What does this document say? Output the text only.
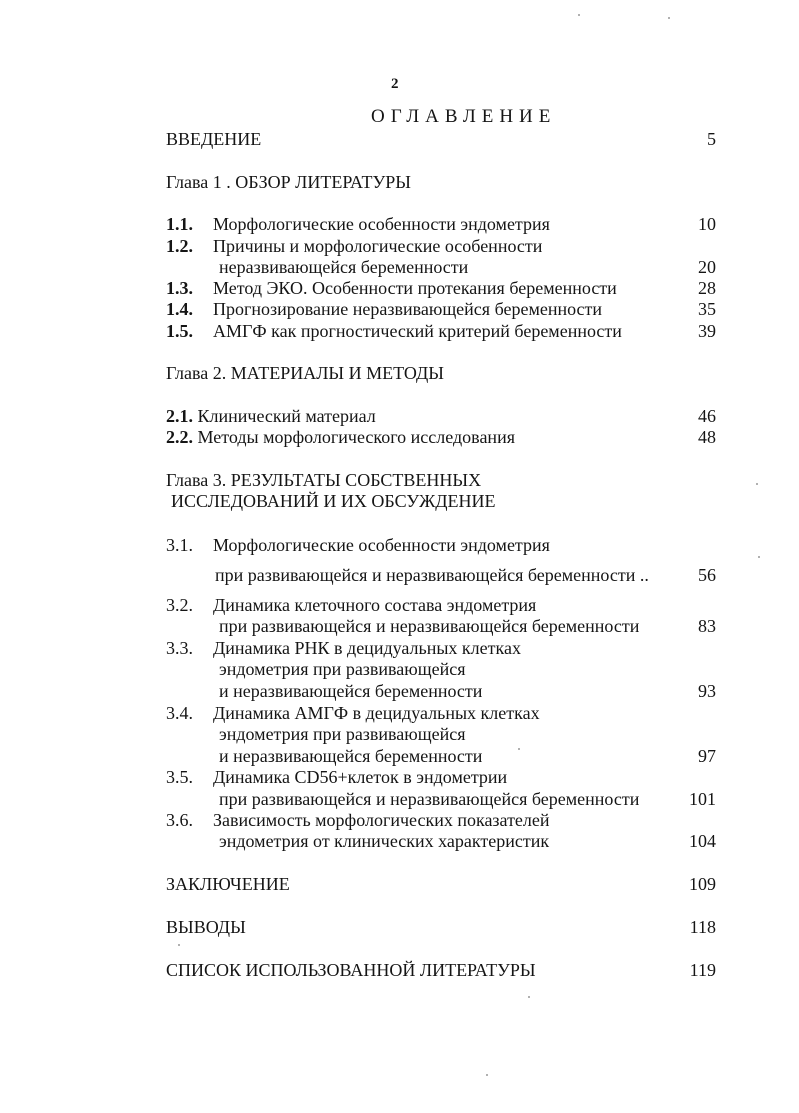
2
ОГЛАВЛЕНИЕ
ВВЕДЕНИЕ	5
Глава 1 . ОБЗОР ЛИТЕРАТУРЫ
1.1. Морфологические особенности эндометрия	10
1.2. Причины и морфологические особенности
неразвивающейся беременности	20
1.3. Метод ЭКО. Особенности протекания беременности	28
1.4. Прогнозирование неразвивающейся беременности	35
1.5. АМГФ как прогностический критерий беременности	39
Глава 2. МАТЕРИАЛЫ И МЕТОДЫ
2.1. Клинический материал	46
2.2. Методы морфологического исследования	48
Глава 3. РЕЗУЛЬТАТЫ СОБСТВЕННЫХ
ИССЛЕДОВАНИЙ И ИХ ОБСУЖДЕНИЕ
3.1. Морфологические особенности эндометрия
при развивающейся и неразвивающейся беременности ..	56
3.2. Динамика клеточного состава эндометрия
при развивающейся и неразвивающейся беременности	83
3.3. Динамика РНК в децидуальных клетках
эндометрия при развивающейся
и неразвивающейся беременности	93
3.4. Динамика АМГФ в децидуальных клетках
эндометрия при развивающейся
и неразвивающейся беременности	97
3.5. Динамика CD56+клеток в эндометрии
при развивающейся и неразвивающейся беременности	101
3.6. Зависимость морфологических показателей
эндометрия от клинических характеристик	104
ЗАКЛЮЧЕНИЕ	109
ВЫВОДЫ	118
СПИСОК ИСПОЛЬЗОВАННОЙ ЛИТЕРАТУРЫ	119
